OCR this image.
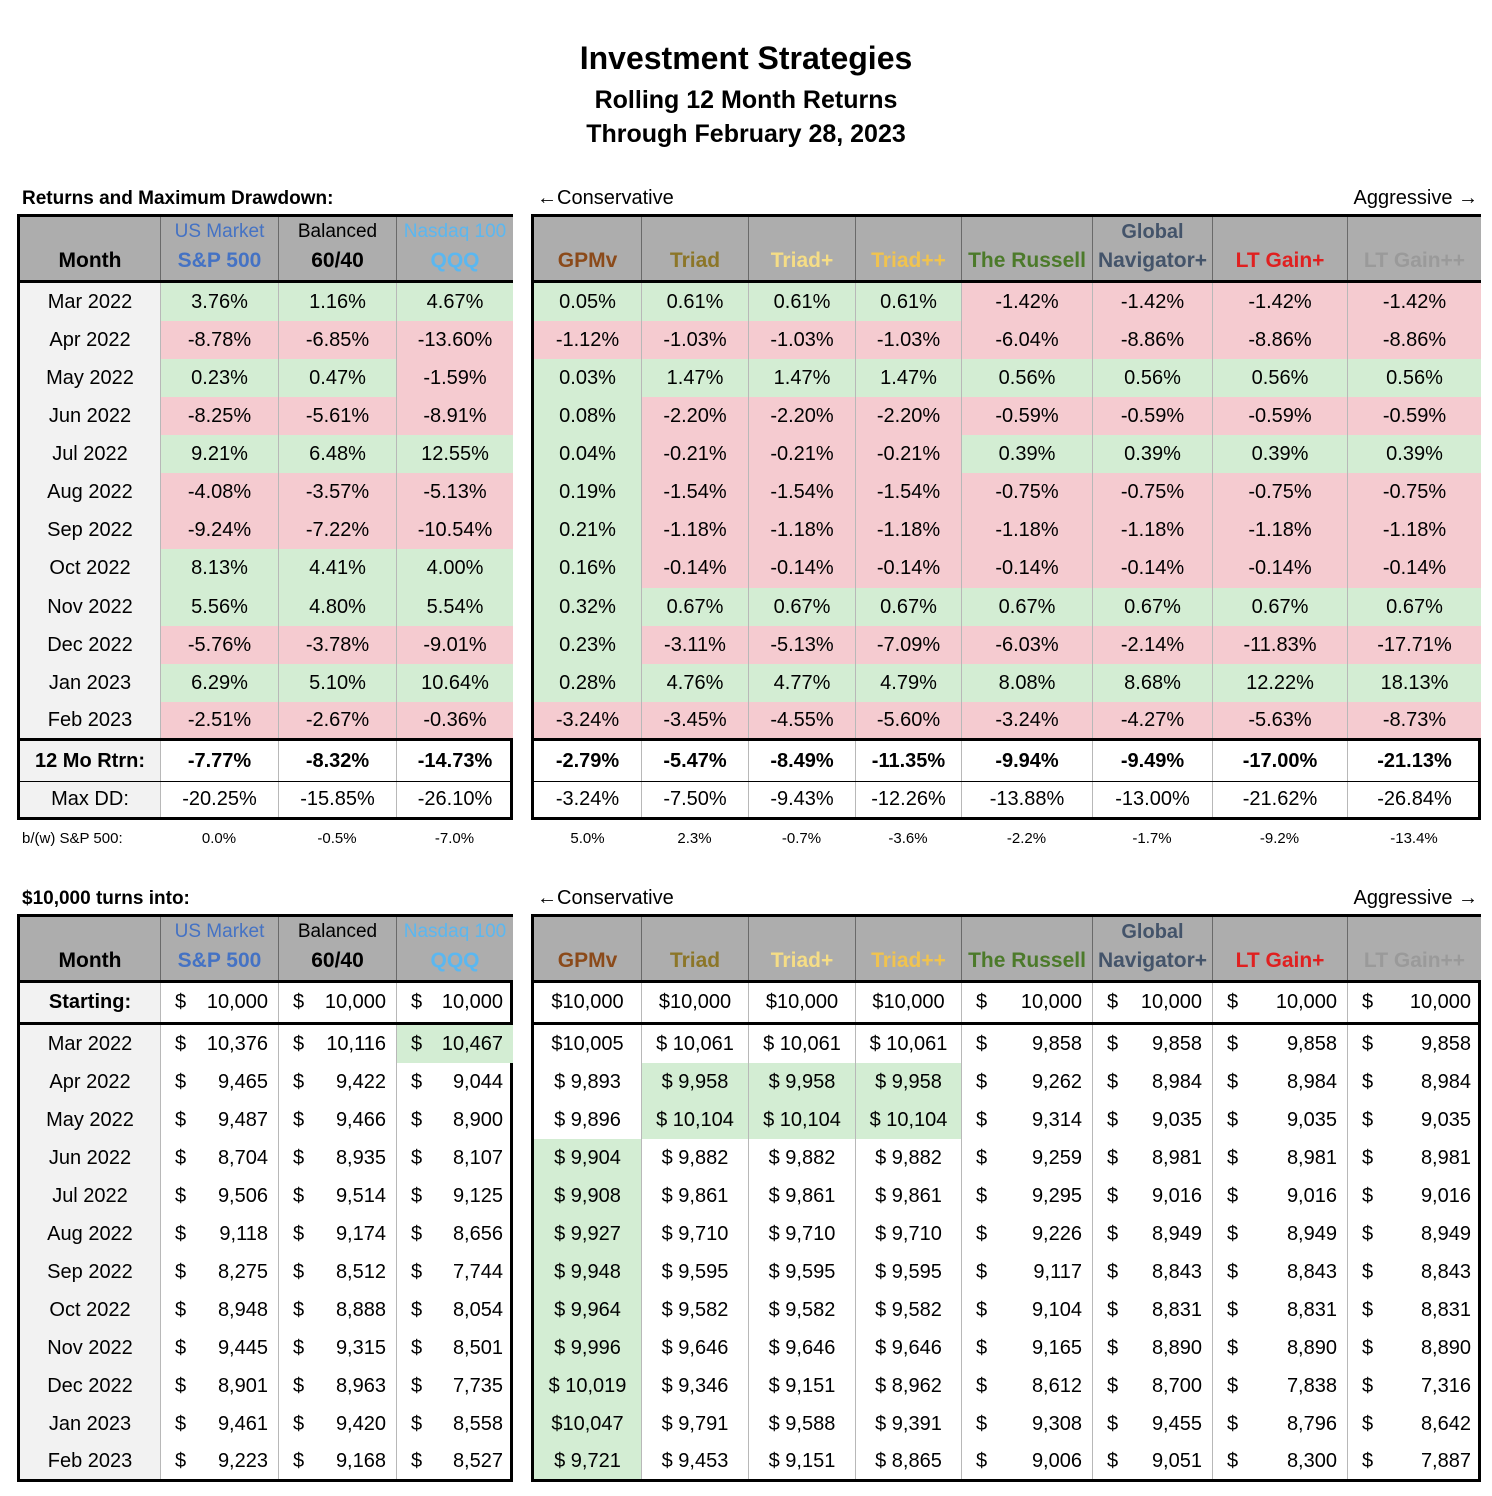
Investment Strategies
Rolling 12 Month Returns
Through February 28, 2023
Returns and Maximum Drawdown:	←Conservative	Aggressive →
Month
US Market
S&P 500
Balanced
60/40
Nasdaq 100
QQQ
Mar 2022	3.76%	1.16%	4.67%
Apr 2022	-8.78%	-6.85%	-13.60%
May 2022	0.23%	0.47%	-1.59%
Jun 2022	-8.25%	-5.61%	-8.91%
Jul 2022	9.21%	6.48%	12.55%
Aug 2022	-4.08%	-3.57%	-5.13%
Sep 2022	-9.24%	-7.22%	-10.54%
Oct 2022	8.13%	4.41%	4.00%
Nov 2022	5.56%	4.80%	5.54%
Dec 2022	-5.76%	-3.78%	-9.01%
Jan 2023	6.29%	5.10%	10.64%
Feb 2023	-2.51%	-2.67%	-0.36%
12 Mo Rtrn:	-7.77%	-8.32%	-14.73%
Max DD:	-20.25%	-15.85%	-26.10%
GPMv	Triad	Triad+	Triad++	The Russell
Global
Navigator+	LT Gain+	LT Gain++
0.05%	0.61%	0.61%	0.61%	-1.42%	-1.42%	-1.42%	-1.42%
-1.12%	-1.03%	-1.03%	-1.03%	-6.04%	-8.86%	-8.86%	-8.86%
0.03%	1.47%	1.47%	1.47%	0.56%	0.56%	0.56%	0.56%
0.08%	-2.20%	-2.20%	-2.20%	-0.59%	-0.59%	-0.59%	-0.59%
0.04%	-0.21%	-0.21%	-0.21%	0.39%	0.39%	0.39%	0.39%
0.19%	-1.54%	-1.54%	-1.54%	-0.75%	-0.75%	-0.75%	-0.75%
0.21%	-1.18%	-1.18%	-1.18%	-1.18%	-1.18%	-1.18%	-1.18%
0.16%	-0.14%	-0.14%	-0.14%	-0.14%	-0.14%	-0.14%	-0.14%
0.32%	0.67%	0.67%	0.67%	0.67%	0.67%	0.67%	0.67%
0.23%	-3.11%	-5.13%	-7.09%	-6.03%	-2.14%	-11.83%	-17.71%
0.28%	4.76%	4.77%	4.79%	8.08%	8.68%	12.22%	18.13%
-3.24%	-3.45%	-4.55%	-5.60%	-3.24%	-4.27%	-5.63%	-8.73%
-2.79%	-5.47%	-8.49%	-11.35%	-9.94%	-9.49%	-17.00%	-21.13%
-3.24%	-7.50%	-9.43%	-12.26%	-13.88%	-13.00%	-21.62%	-26.84%
b/(w) S&P 500:	0.0%	-0.5%	-7.0%	5.0%	2.3%	-0.7%	-3.6%	-2.2%	-1.7%	-9.2%	-13.4%
$10,000 turns into:	←Conservative	Aggressive →
Month
US Market
S&P 500
Balanced
60/40
Nasdaq 100
QQQ
Starting:	$ 10,000 $ 10,000 $ 10,000
Mar 2022	$ 10,376 $ 10,116 $ 10,467
Apr 2022	$ 9,465 $ 9,422 $ 9,044
May 2022	$ 9,487 $ 9,466 $ 8,900
Jun 2022	$ 8,704 $ 8,935 $ 8,107
Jul 2022	$ 9,506 $ 9,514 $ 9,125
Aug 2022	$ 9,118 $ 9,174 $ 8,656
Sep 2022	$ 8,275 $ 8,512 $ 7,744
Oct 2022	$ 8,948 $ 8,888 $ 8,054
Nov 2022	$ 9,445 $ 9,315 $ 8,501
Dec 2022	$ 8,901 $ 8,963 $ 7,735
Jan 2023	$ 9,461 $ 9,420 $ 8,558
Feb 2023	$ 9,223 $ 9,168 $ 8,527
GPMv	Triad	Triad+	Triad++	The Russell
Global
Navigator+	LT Gain+	LT Gain++
$10,000 $10,000 $10,000 $10,000 $ 10,000 $ 10,000 $ 10,000 $ 10,000
$10,005 $ 10,061 $ 10,061 $ 10,061 $ 9,858 $ 9,858 $ 9,858 $ 9,858
$ 9,893 $ 9,958 $ 9,958 $ 9,958 $ 9,262 $ 8,984 $ 8,984 $ 8,984
$ 9,896 $ 10,104 $ 10,104 $ 10,104 $ 9,314 $ 9,035 $ 9,035 $ 9,035
$ 9,904 $ 9,882 $ 9,882 $ 9,882 $ 9,259 $ 8,981 $ 8,981 $ 8,981
$ 9,908 $ 9,861 $ 9,861 $ 9,861 $ 9,295 $ 9,016 $ 9,016 $ 9,016
$ 9,927 $ 9,710 $ 9,710 $ 9,710 $ 9,226 $ 8,949 $ 8,949 $ 8,949
$ 9,948 $ 9,595 $ 9,595 $ 9,595 $ 9,117 $ 8,843 $ 8,843 $ 8,843
$ 9,964 $ 9,582 $ 9,582 $ 9,582 $ 9,104 $ 8,831 $ 8,831 $ 8,831
$ 9,996 $ 9,646 $ 9,646 $ 9,646 $ 9,165 $ 8,890 $ 8,890 $ 8,890
$ 10,019 $ 9,346 $ 9,151 $ 8,962 $ 8,612 $ 8,700 $ 7,838 $ 7,316
$10,047 $ 9,791 $ 9,588 $ 9,391 $ 9,308 $ 9,455 $ 8,796 $ 8,642
$ 9,721 $ 9,453 $ 9,151 $ 8,865 $ 9,006 $ 9,051 $ 8,300 $ 7,887
